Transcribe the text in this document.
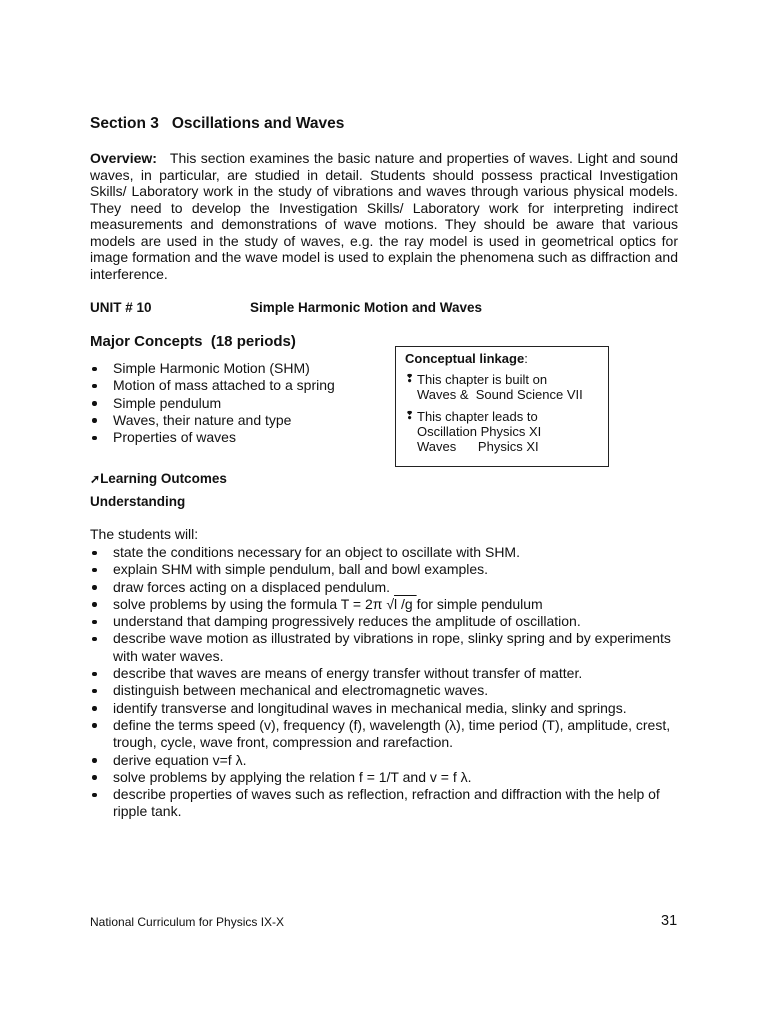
Section 3   Oscillations and Waves

Overview: This section examines the basic nature and properties of waves. Light and sound waves, in particular, are studied in detail. Students should possess practical Investigation Skills/ Laboratory work in the study of vibrations and waves through various physical models. They need to develop the Investigation Skills/ Laboratory work for interpreting indirect measurements and demonstrations of wave motions. They should be aware that various models are used in the study of waves, e.g. the ray model is used in geometrical optics for image formation and the wave model is used to explain the phenomena such as diffraction and interference.

UNIT # 10	Simple Harmonic Motion and Waves
Major Concepts  (18 periods)
Simple Harmonic Motion (SHM)
Motion of mass attached to a spring
Simple pendulum
Waves, their nature and type
Properties of waves
Conceptual linkage:
❢ This chapter is built on
Waves &  Sound Science VII
❢ This chapter leads to
Oscillation Physics XI
Waves      Physics XI
➚Learning Outcomes
Understanding
The students will:
state the conditions necessary for an object to oscillate with SHM.
explain SHM with simple pendulum, ball and bowl examples.
draw forces acting on a displaced pendulum.
solve problems by using the formula T = 2π √l /g for simple pendulum
understand that damping progressively reduces the amplitude of oscillation.
describe wave motion as illustrated by vibrations in rope, slinky spring and by experiments with water waves.
describe that waves are means of energy transfer without transfer of matter.
distinguish between mechanical and electromagnetic waves.
identify transverse and longitudinal waves in mechanical media, slinky and springs.
define the terms speed (v), frequency (f), wavelength (λ), time period (T), amplitude, crest, trough, cycle, wave front, compression and rarefaction.
derive equation v=f λ.
solve problems by applying the relation f = 1/T and v = f λ.
describe properties of waves such as reflection, refraction and diffraction with the help of ripple tank.
National Curriculum for Physics IX-X	31
